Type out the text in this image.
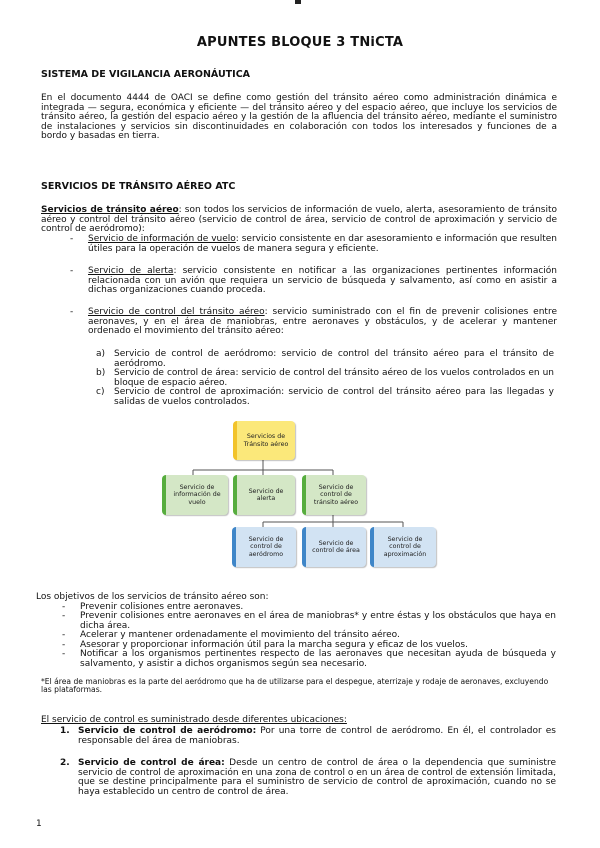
APUNTES BLOQUE 3 TNiCTA
SISTEMA DE VIGILANCIA AERONÁUTICA
En el documento 4444 de OACI se define como gestión del tránsito aéreo como administración dinámica e integrada — segura, económica y eficiente — del tránsito aéreo y del espacio aéreo, que incluye los servicios de tránsito aéreo, la gestión del espacio aéreo y la gestión de la afluencia del tránsito aéreo, mediante el suministro de instalaciones y servicios sin discontinuidades en colaboración con todos los interesados y funciones de a bordo y basadas en tierra.
SERVICIOS DE TRÁNSITO AÉREO ATC
Servicios de tránsito aéreo: son todos los servicios de información de vuelo, alerta, asesoramiento de tránsito aéreo y control del tránsito aéreo (servicio de control de área, servicio de control de aproximación y servicio de control de aeródromo):
- Servicio de información de vuelo: servicio consistente en dar asesoramiento e información que resulten útiles para la operación de vuelos de manera segura y eficiente.
- Servicio de alerta: servicio consistente en notificar a las organizaciones pertinentes información relacionada con un avión que requiera un servicio de búsqueda y salvamento, así como en asistir a dichas organizaciones cuando proceda.
- Servicio de control del tránsito aéreo: servicio suministrado con el fin de prevenir colisiones entre aeronaves, y en el área de maniobras, entre aeronaves y obstáculos, y de acelerar y mantener ordenado el movimiento del tránsito aéreo:
a) Servicio de control de aeródromo: servicio de control del tránsito aéreo para el tránsito de aeródromo.
b) Servicio de control de área: servicio de control del tránsito aéreo de los vuelos controlados en un bloque de espacio aéreo.
c) Servicio de control de aproximación: servicio de control del tránsito aéreo para las llegadas y salidas de vuelos controlados.
Servicios de Tránsito aéreo
Servicio de información de vuelo
Servicio de alerta
Servicio de control de tránsito aéreo
Servicio de control de aeródromo
Servicio de control de área
Servicio de control de aproximación
Los objetivos de los servicios de tránsito aéreo son:
- Prevenir colisiones entre aeronaves.
- Prevenir colisiones entre aeronaves en el área de maniobras* y entre éstas y los obstáculos que haya en dicha área.
- Acelerar y mantener ordenadamente el movimiento del tránsito aéreo.
- Asesorar y proporcionar información útil para la marcha segura y eficaz de los vuelos.
- Notificar a los organismos pertinentes respecto de las aeronaves que necesitan ayuda de búsqueda y salvamento, y asistir a dichos organismos según sea necesario.
*El área de maniobras es la parte del aeródromo que ha de utilizarse para el despegue, aterrizaje y rodaje de aeronaves, excluyendo las plataformas.
El servicio de control es suministrado desde diferentes ubicaciones:
1. Servicio de control de aeródromo: Por una torre de control de aeródromo. En él, el controlador es responsable del área de maniobras.
2. Servicio de control de área: Desde un centro de control de área o la dependencia que suministre servicio de control de aproximación en una zona de control o en un área de control de extensión limitada, que se destine principalmente para el suministro de servicio de control de aproximación, cuando no se haya establecido un centro de control de área.
1
